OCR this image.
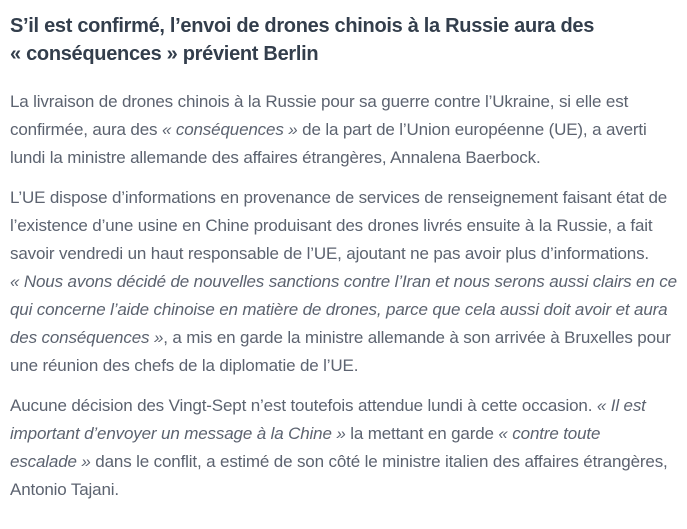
S’il est confirmé, l’envoi de drones chinois à la Russie aura des
« conséquences » prévient Berlin

La livraison de drones chinois à la Russie pour sa guerre contre l’Ukraine, si elle est confirmée, aura des « conséquences » de la part de l’Union européenne (UE), a averti lundi la ministre allemande des affaires étrangères, Annalena Baerbock.

L’UE dispose d’informations en provenance de services de renseignement faisant état de l’existence d’une usine en Chine produisant des drones livrés ensuite à la Russie, a fait savoir vendredi un haut responsable de l’UE, ajoutant ne pas avoir plus d’informations. « Nous avons décidé de nouvelles sanctions contre l’Iran et nous serons aussi clairs en ce qui concerne l’aide chinoise en matière de drones, parce que cela aussi doit avoir et aura des conséquences », a mis en garde la ministre allemande à son arrivée à Bruxelles pour une réunion des chefs de la diplomatie de l’UE.

Aucune décision des Vingt-Sept n’est toutefois attendue lundi à cette occasion. « Il est important d’envoyer un message à la Chine » la mettant en garde « contre toute escalade » dans le conflit, a estimé de son côté le ministre italien des affaires étrangères, Antonio Tajani.
